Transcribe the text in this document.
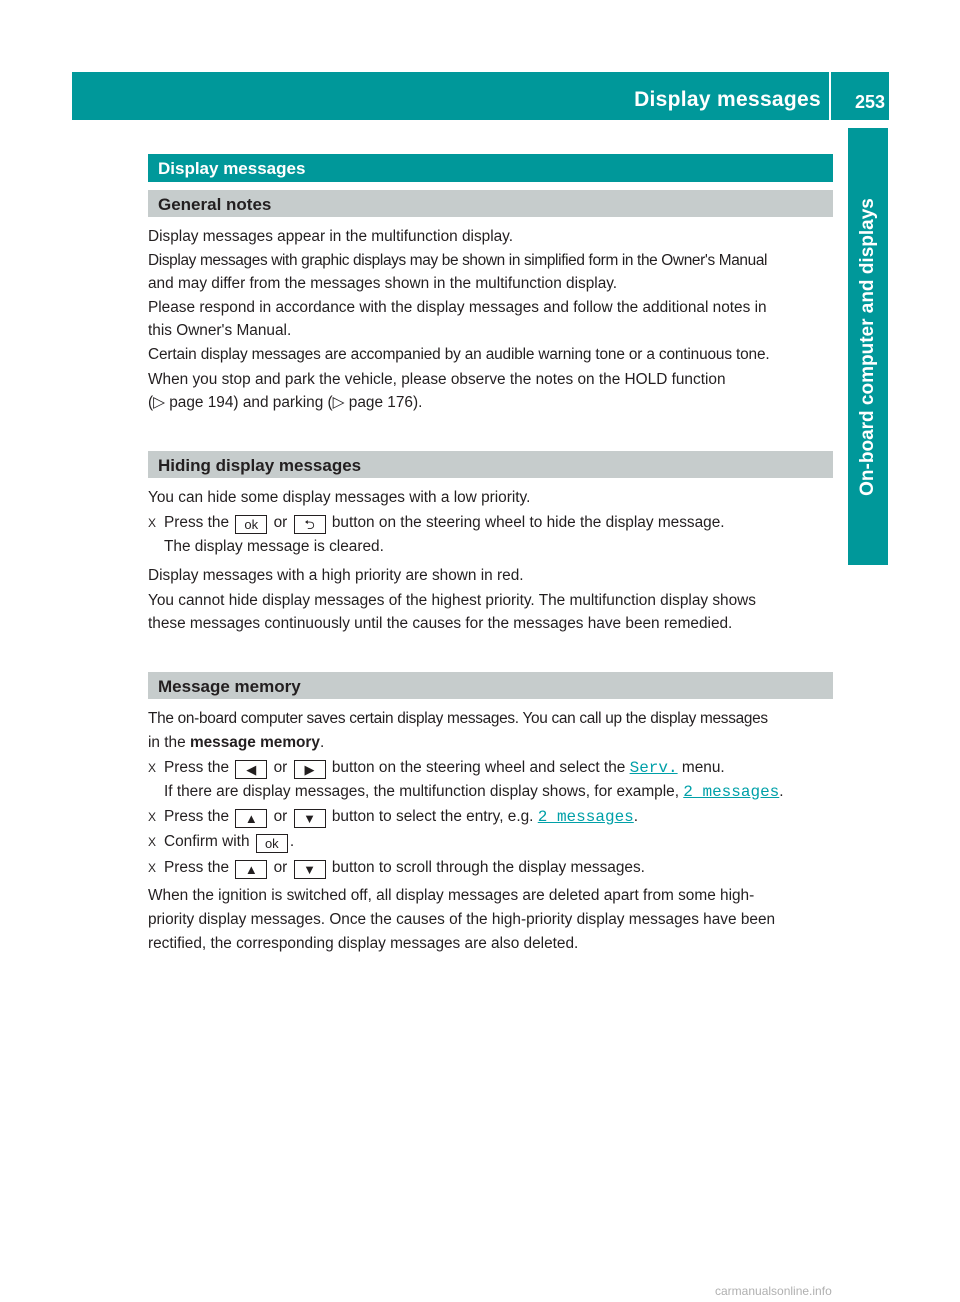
Display messages 253
On-board computer and displays
Display messages
General notes
Display messages appear in the multifunction display.
Display messages with graphic displays may be shown in simplified form in the Owner's Manual
and may differ from the messages shown in the multifunction display.
Please respond in accordance with the display messages and follow the additional notes in
this Owner's Manual.
Certain display messages are accompanied by an audible warning tone or a continuous tone.
When you stop and park the vehicle, please observe the notes on the HOLD function
(▷ page 194) and parking (▷ page 176).
Hiding display messages
You can hide some display messages with a low priority.
X Press the ok or ⮌ button on the steering wheel to hide the display message.
The display message is cleared.
Display messages with a high priority are shown in red.
You cannot hide display messages of the highest priority. The multifunction display shows
these messages continuously until the causes for the messages have been remedied.
Message memory
The on-board computer saves certain display messages. You can call up the display messages
in the message memory.
X Press the ◀ or ▶ button on the steering wheel and select the Serv. menu.
If there are display messages, the multifunction display shows, for example, 2 messages.
X Press the ▲ or ▼ button to select the entry, e.g. 2 messages.
X Confirm with ok .
X Press the ▲ or ▼ button to scroll through the display messages.
When the ignition is switched off, all display messages are deleted apart from some high-
priority display messages. Once the causes of the high-priority display messages have been
rectified, the corresponding display messages are also deleted.
carmanualsonline.info
